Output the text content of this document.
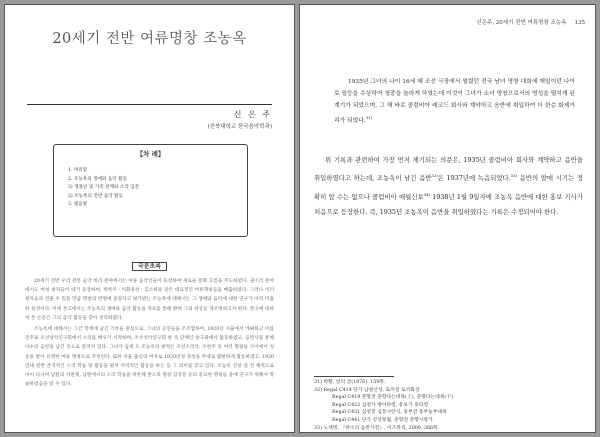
20세기 전반 여류명창 조농옥
신 은 주
(전북대학교 한국음악학과)
【차 례】
1. 머리말
2. 조농옥의 생애와 음악 활동
3) 생몰년 및 가족 관계와 소리 입문
2) 조농옥의 전반 음악 활동
3. 맺음말
국문초록

20세기 전반 우리 전통 음악 바라 분야에서는 여류 음악인들이 등장하여 새로운 문화 흐름을 주도하였다. 권소리 분야에서도 여성 창자들이 대거 등장하여, 박록주ㆍ이화중선ㆍ김소희와 같은 대표적인 여류명창들을 배출하였다. 그러나 이러 창자들과 견줄 수 있을 만큼 명창의 반열에 올랐다고 평가받는 조농옥에 대해서는 그 생애와 음악에 대한 연구가 아직 미흡한 실정이다. 이에 본고에서는 조농옥의 생애와 음악 활동을 자료를 통해 밝혀 그의 위상을 재조명하고자 한다. 본고에 대하여 본 논문은 그의 음악 활동을 찾아 정리하였다.

조농옥에 대해서는 그간 학계에 남긴 기록을 중심으로, 그녀의 공연들을 조조합하여, 1920년 서울에서 데뷔하고 이를 전후로 조선성악연구회에서 소리를 배우기 시작하며, 조선성악연구회 창 즉 단체인 창극좌에서 활동하였고, 음반사를 통해 다수의 음반을 남긴 것으로 알려져 있다. 그녀가 십세 도 조농옥의 판정은 조선소리악, 조헌주 등 여러 명창들 사이에서 칭송을 받아 유명한 여류 명창으로 추정된다. 또한 서울 출신의 여자로 1920년경 경성을 무대로 활발하게 활동하였고, 1930년대 전반 본격적인 소리 학습 및 활동을 펼쳐 지역적인 활동을 하는 등 그 의미를 갖고 있다. 조농옥 진판 걸 전 체적으로 이어 다니며 남원의 서편제, 남원에서의 소리 학습을 비롯해 판소리 명창 김정문 등의 중요한 명창들 중에 연구가 위해서 학습하였음을 알 수 있다.

신은주, 20세기 전반 여류명창 조농옥 135
1935년 그녀의 나이 16세 때 조선 극장에서 열렸던 전국 남녀 명창 대회에 재일이던 나이로 일등을 수상하여 청중을 놀라게 하였는데 이것이 그녀가 소녀 명창으로서의 명성을 떨치게 된 계기가 되었으며, 그 해 바로 콜럼비아 레코드 회사와 계약하고 음반에 취입하여 더 한층 화제거리가 되었다.$^{31)}$
위 기록과 관련하여 가장 먼저 제기되는 의문은, 1935년 콜럼비아 회사와 계약하고 음반을 취입하였다고 하는데, 조농옥이 남긴 음반$^{32)}$은 1937년에 녹음되었다.$^{33)}$ 음반의 발매 시기는 정확히 알 수는 없으나 콜럼비아 매월신보$^{34)}$ 1938년 1월 9일자에 조농옥 음반에 대한 홍보 기사가 처음으로 등장한다. 즉, 1935년 조농옥이 음반을 취입하였다는 기록은 수정되어야 한다.
31) 박황, 앞의 글(1976), 159쪽.
32) Regal C414 단가 남원산성, 토끼전 토끼화상
Regal C419 춘향전 춘향다는대목(上), 춘향다는대목(下)
Regal C422 심청가 방아타령, 흥보가 흥타령
Regal C431 심청전 심봉사탄식, 흥부전 흥부놀부대목
Regal C441 단가 강상풍월, 춘향전 춘향사랑가
33) 노재명, 『판소리 음반사전』, 이즈뮤직, 2000, 366쪽.
